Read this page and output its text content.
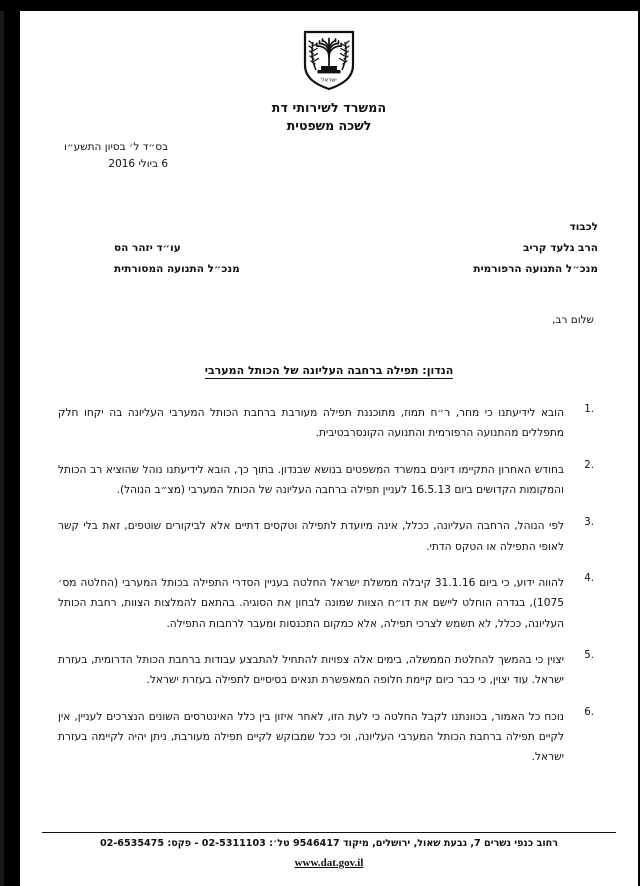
ישראל
המשרד לשירותי דת
לשכה משפטית
בס״ד ל׳ בסיון התשע״ו
6 ביולי 2016
לכבוד
הרב גלעד קריב
מנכ״ל התנועה הרפורמית
עו״ד יזהר הס
מנכ״ל התנועה המסורתית
שלום רב,
הנדון: תפילה ברחבה העליונה של הכותל המערבי
1.
הובא לידיעתנו כי מחר, ר״ח תמוז, מתוכננת תפילה מעורבת ברחבת הכותל המערבי העליונה בה יקחו חלק מתפללים מהתנועה הרפורמית והתנועה הקונסרבטיבית.
2.
בחודש האחרון התקיימו דיונים במשרד המשפטים בנושא שבנדון. בתוך כך, הובא לידיעתנו נוהל שהוציא רב הכותל והמקומות הקדושים ביום 16.5.13 לעניין תפילה ברחבה העליונה של הכותל המערבי (מצ״ב הנוהל).
3.
לפי הנוהל, הרחבה העליונה, ככלל, אינה מיועדת לתפילה וטקסים דתיים אלא לביקורים שוטפים, זאת בלי קשר לאופי התפילה או הטקס הדתי.
4.
להווה ידוע, כי ביום 31.1.16 קיבלה ממשלת ישראל החלטה בעניין הסדרי התפילה בכותל המערבי (החלטה מס׳ 1075), בגדרה הוחלט ליישם את דו״ח הצוות שמונה לבחון את הסוגיה. בהתאם להמלצות הצוות, רחבת הכותל העליונה, ככלל, לא תשמש לצרכי תפילה, אלא כמקום התכנסות ומעבר לרחבות התפילה.
5.
יצוין כי בהמשך להחלטת הממשלה, בימים אלה צפויות להתחיל להתבצע עבודות ברחבת הכותל הדרומית, בעזרת ישראל. עוד יצוין, כי כבר כיום קיימת חלופה המאפשרת תנאים בסיסיים לתפילה בעזרת ישראל.
6.
נוכח כל האמור, בכוונתנו לקבל החלטה כי לעת הזו, לאחר איזון בין כלל האינטרסים השונים הנצרכים לעניין, אין לקיים תפילה ברחבת הכותל המערבי העליונה, וכי ככל שמבוקש לקיים תפילה מעורבת, ניתן יהיה לקיימה בעזרת ישראל.
רחוב כנפי נשרים 7, גבעת שאול, ירושלים, מיקוד 9546417 טל׳: 02-5311103 - פקס: 02-6535475
www.dat.gov.il
